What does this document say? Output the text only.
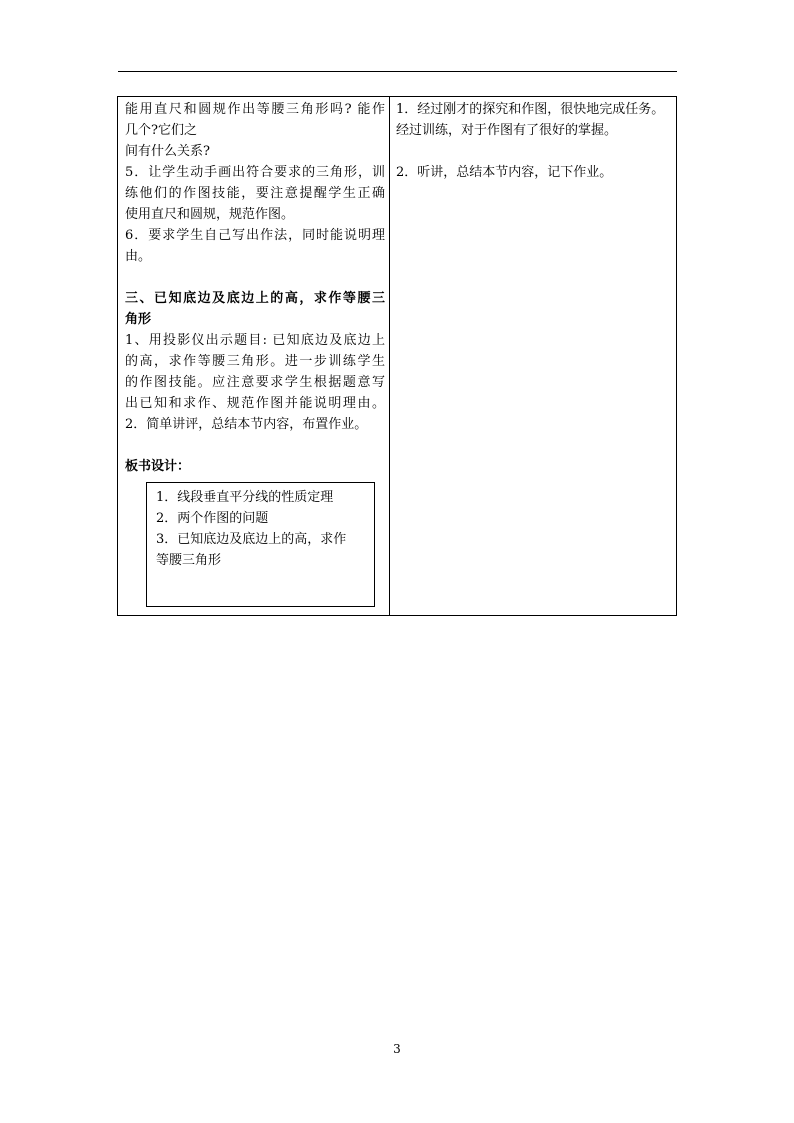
能用直尺和圆规作出等腰三角形吗? 能作
几个?它们之
间有什么关系?
5．让学生动手画出符合要求的三角形，训
练他们的作图技能，要注意提醒学生正确
使用直尺和圆规，规范作图。
6．要求学生自己写出作法，同时能说明理
由。
三、已知底边及底边上的高，求作等腰三
角形
1、用投影仪出示题目: 已知底边及底边上
的高，求作等腰三角形。进一步训练学生
的作图技能。应注意要求学生根据题意写
出已知和求作、规范作图并能说明理由。
2．简单讲评，总结本节内容，布置作业。
板书设计：
1．线段垂直平分线的性质定理
2．两个作图的问题
3．已知底边及底边上的高，求作
等腰三角形
1．经过刚才的探究和作图，很快地完成任务。
经过训练，对于作图有了很好的掌握。
2．听讲，总结本节内容，记下作业。
3
